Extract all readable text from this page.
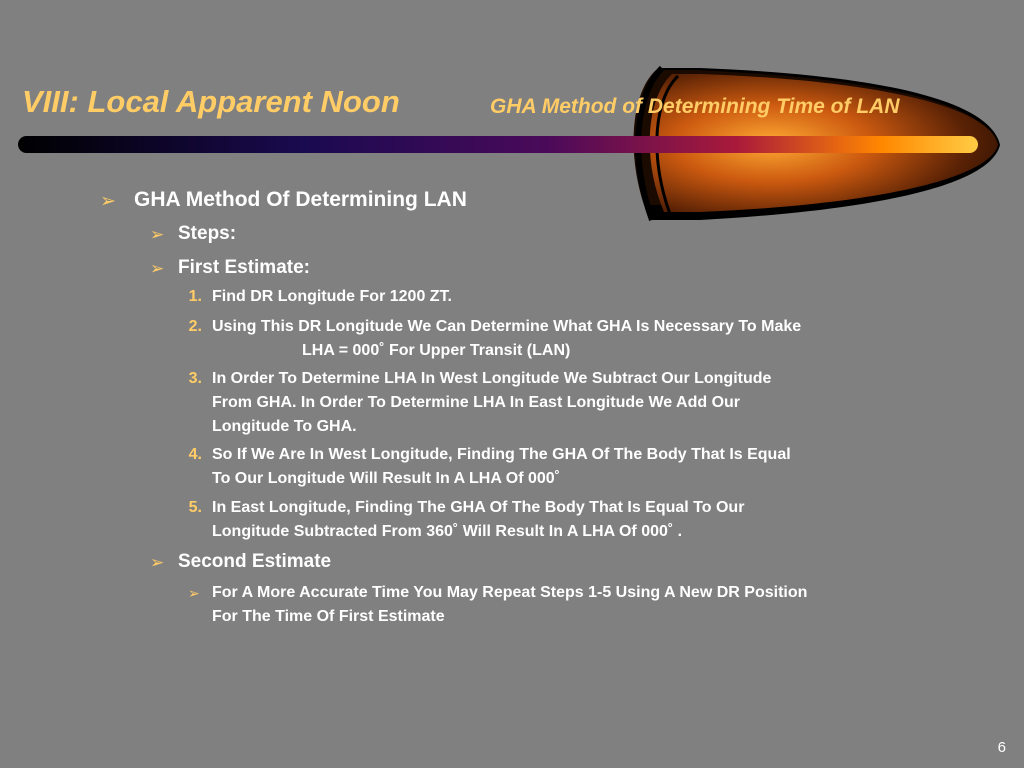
VIII: Local Apparent Noon	GHA Method of Determining Time of LAN
➢ GHA Method Of Determining LAN
➢ Steps:
➢ First Estimate:
1. Find DR Longitude For 1200 ZT.
2. Using This DR Longitude We Can Determine What GHA Is Necessary To Make
LHA = 000˚ For Upper Transit (LAN)
3. In Order To Determine LHA In West Longitude We Subtract Our Longitude
From GHA. In Order To Determine LHA In East Longitude We Add Our
Longitude To GHA.
4. So If We Are In West Longitude, Finding The GHA Of The Body That Is Equal
To Our Longitude Will Result In A LHA Of 000˚
5. In East Longitude, Finding The GHA Of The Body That Is Equal To Our
Longitude Subtracted From 360˚ Will Result In A LHA Of 000˚ .
➢ Second Estimate
➢ For A More Accurate Time You May Repeat Steps 1-5 Using A New DR Position
For The Time Of First Estimate
6
